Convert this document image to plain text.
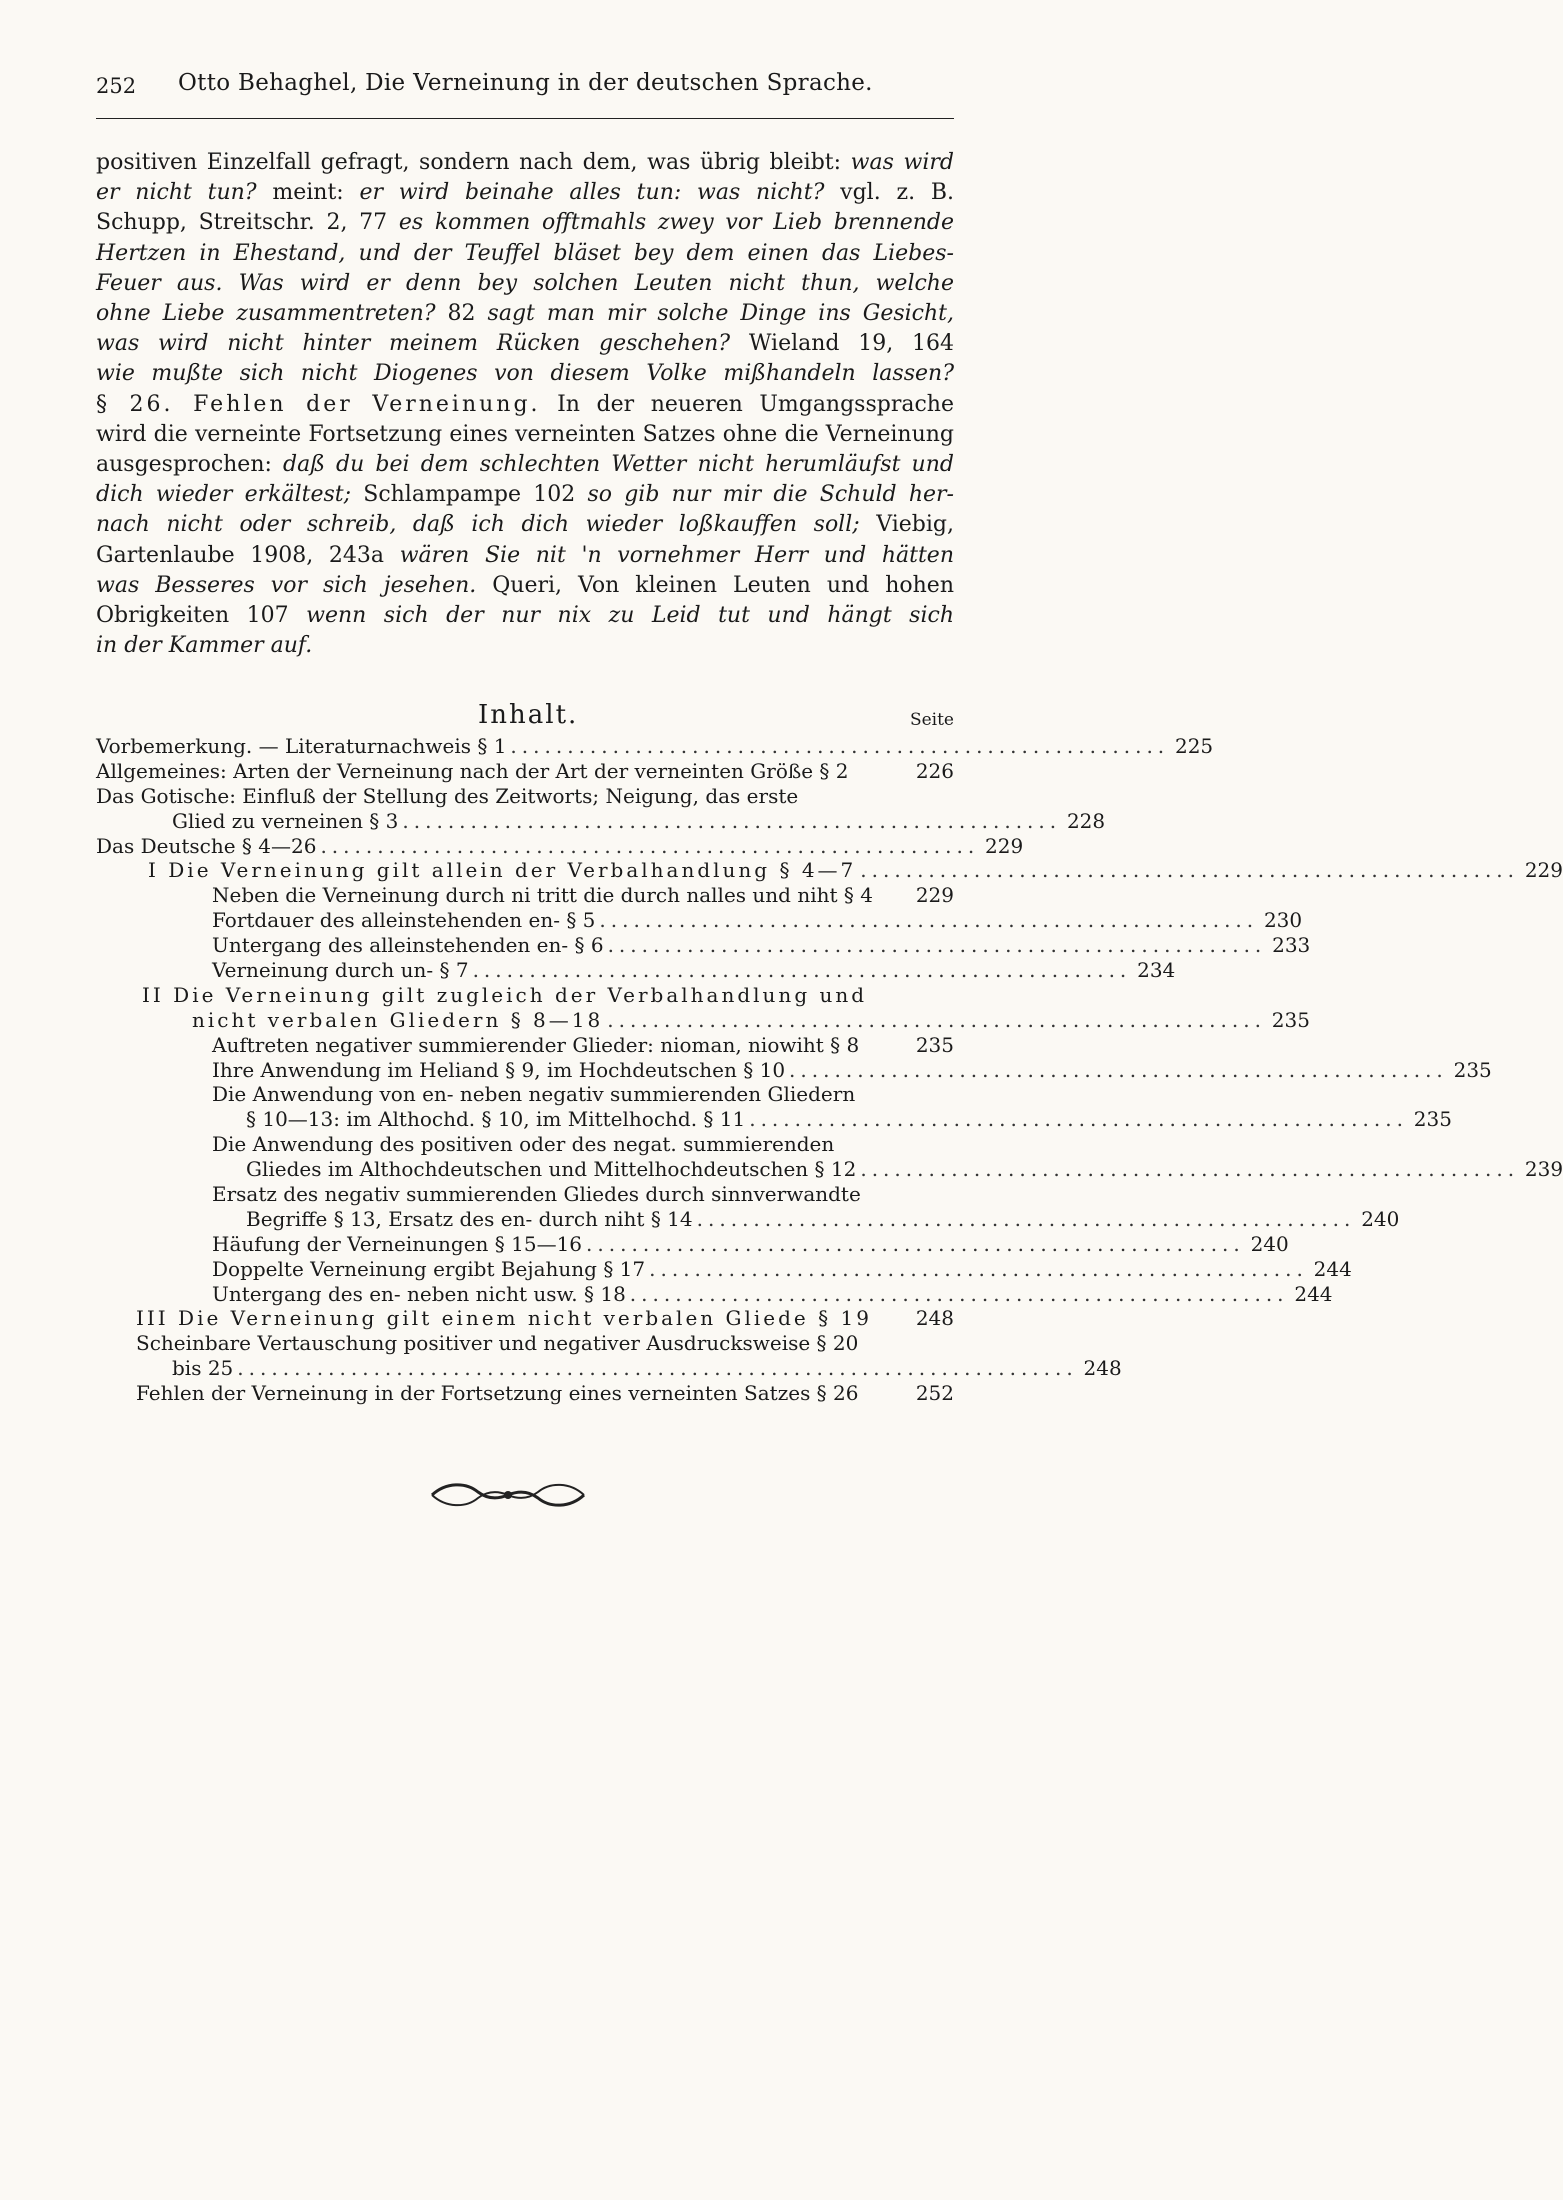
252 Otto Behaghel, Die Verneinung in der deutschen Sprache.
positiven Einzelfall gefragt, sondern nach dem, was übrig bleibt: was wird
er nicht tun? meint: er wird beinahe alles tun: was nicht? vgl. z. B.
Schupp, Streitschr. 2, 77 es kommen offtmahls zwey vor Lieb brennende
Hertzen in Ehestand, und der Teuffel bläset bey dem einen das Liebes-
Feuer aus. Was wird er denn bey solchen Leuten nicht thun, welche
ohne Liebe zusammentreten? 82 sagt man mir solche Dinge ins Gesicht,
was wird nicht hinter meinem Rücken geschehen? Wieland 19, 164
wie mußte sich nicht Diogenes von diesem Volke mißhandeln lassen?
§ 26. Fehlen der Verneinung. In der neueren Umgangssprache
wird die verneinte Fortsetzung eines verneinten Satzes ohne die Verneinung
ausgesprochen: daß du bei dem schlechten Wetter nicht herumläufst und
dich wieder erkältest; Schlampampe 102 so gib nur mir die Schuld her-
nach nicht oder schreib, daß ich dich wieder loßkauffen soll; Viebig,
Gartenlaube 1908, 243a wären Sie nit 'n vornehmer Herr und hätten
was Besseres vor sich jesehen. Queri, Von kleinen Leuten und hohen
Obrigkeiten 107 wenn sich der nur nix zu Leid tut und hängt sich
in der Kammer auf.
Inhalt.	Seite
Vorbemerkung. — Literaturnachweis § 1 .......................................................... 225
Allgemeines: Arten der Verneinung nach der Art der verneinten Größe § 2	226
Das Gotische: Einfluß der Stellung des Zeitworts; Neigung, das erste
Glied zu verneinen § 3 .......................................................... 228
Das Deutsche § 4—26 .......................................................... 229
I Die Verneinung gilt allein der Verbalhandlung § 4—7 .......................................................... 229
Neben die Verneinung durch ni tritt die durch nalles und niht § 4 229
Fortdauer des alleinstehenden en- § 5 .......................................................... 230
Untergang des alleinstehenden en- § 6 .......................................................... 233
Verneinung durch un- § 7 .......................................................... 234
II Die Verneinung gilt zugleich der Verbalhandlung und
nicht verbalen Gliedern § 8—18 .......................................................... 235
Auftreten negativer summierender Glieder: nioman, niowiht § 8	235
Ihre Anwendung im Heliand § 9, im Hochdeutschen § 10 .......................................................... 235
Die Anwendung von en- neben negativ summierenden Gliedern
§ 10—13: im Althochd. § 10, im Mittelhochd. § 11 .......................................................... 235
Die Anwendung des positiven oder des negat. summierenden
Gliedes im Althochdeutschen und Mittelhochdeutschen § 12 .......................................................... 239
Ersatz des negativ summierenden Gliedes durch sinnverwandte
Begriffe § 13, Ersatz des en- durch niht § 14 .......................................................... 240
Häufung der Verneinungen § 15—16 .......................................................... 240
Doppelte Verneinung ergibt Bejahung § 17 .......................................................... 244
Untergang des en- neben nicht usw. § 18 .......................................................... 244
III Die Verneinung gilt einem nicht verbalen Gliede § 19 248
Scheinbare Vertauschung positiver und negativer Ausdrucksweise § 20
bis 25 .......................................................................... 248
Fehlen der Verneinung in der Fortsetzung eines verneinten Satzes § 26	252
